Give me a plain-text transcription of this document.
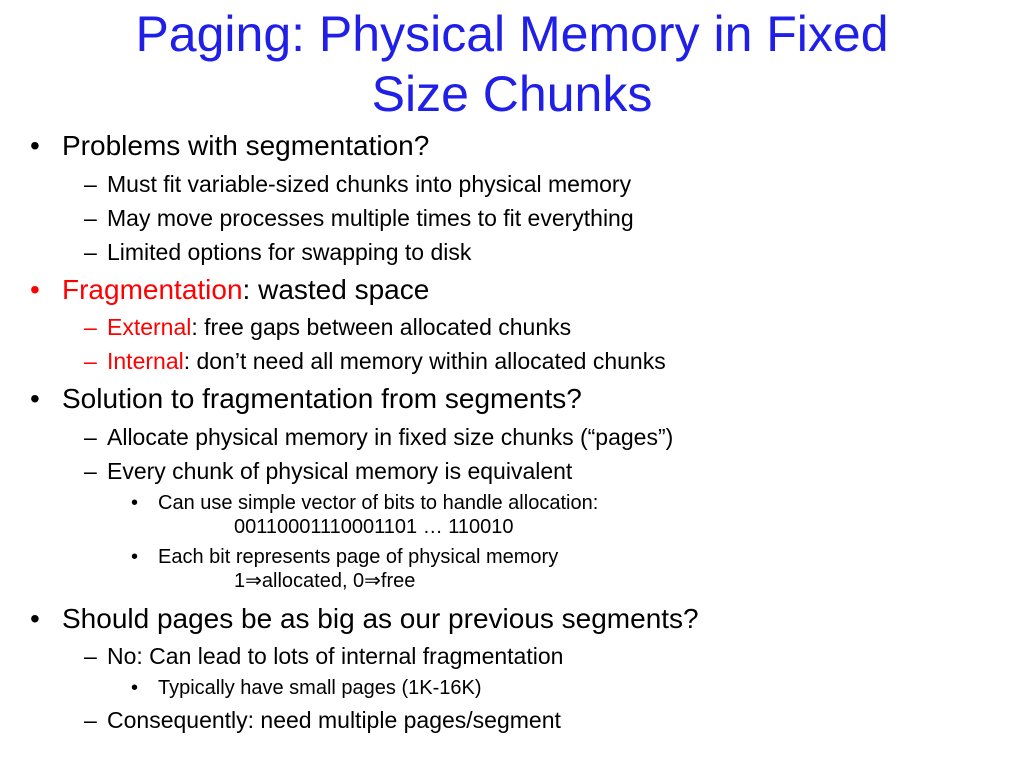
Paging: Physical Memory in Fixed
Size Chunks
• Problems with segmentation?
– Must fit variable-sized chunks into physical memory
– May move processes multiple times to fit everything
– Limited options for swapping to disk
• Fragmentation: wasted space
– External: free gaps between allocated chunks
– Internal: don’t need all memory within allocated chunks
• Solution to fragmentation from segments?
– Allocate physical memory in fixed size chunks (“pages”)
– Every chunk of physical memory is equivalent
• Can use simple vector of bits to handle allocation:
00110001110001101 … 110010
• Each bit represents page of physical memory
1⇒allocated, 0⇒free
• Should pages be as big as our previous segments?
– No: Can lead to lots of internal fragmentation
• Typically have small pages (1K-16K)
– Consequently: need multiple pages/segment
